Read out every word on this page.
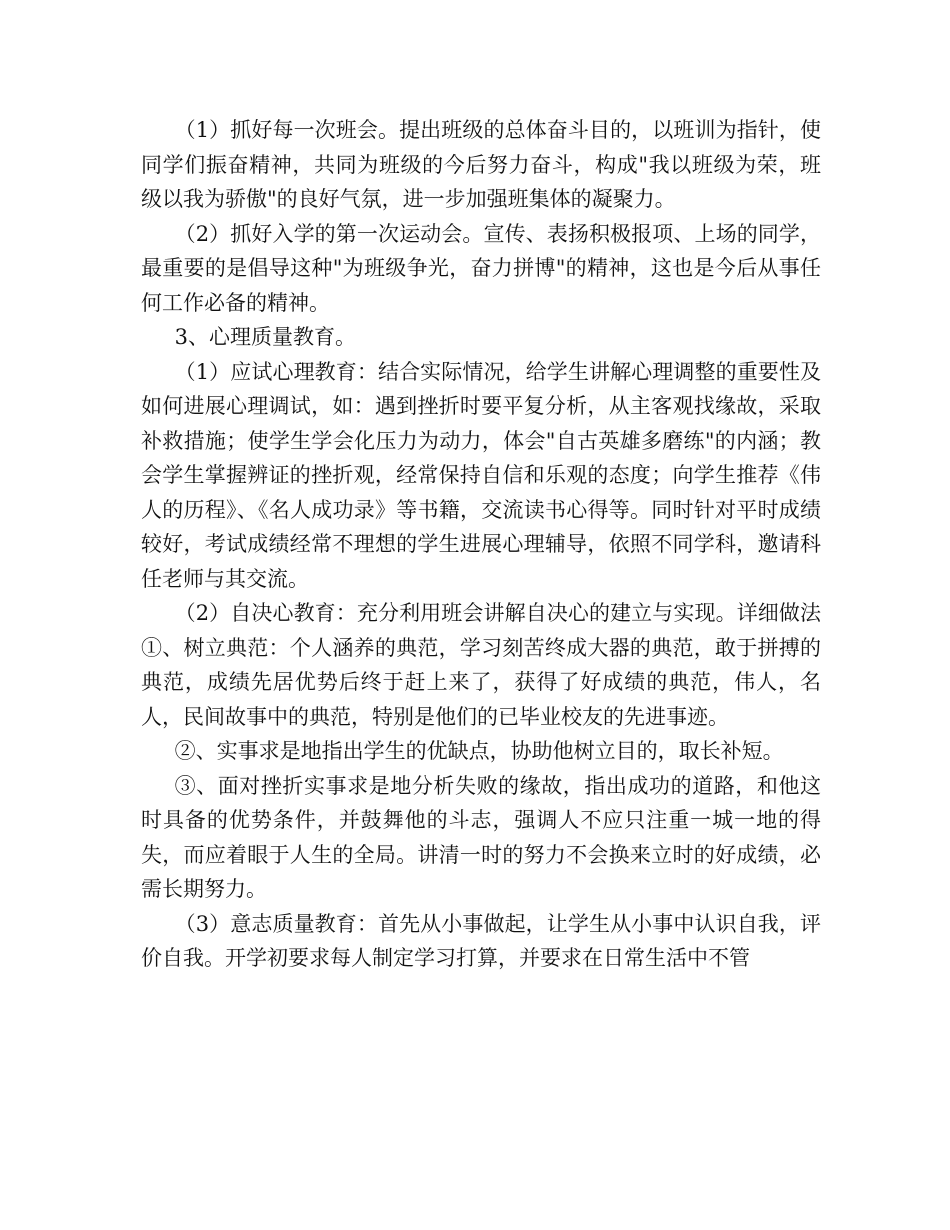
（1）抓好每一次班会。提出班级的总体奋斗目的，以班训为指针，使同学们振奋精神，共同为班级的今后努力奋斗，构成"我以班级为荣，班级以我为骄傲"的良好气氛，进一步加强班集体的凝聚力。

（2）抓好入学的第一次运动会。宣传、表扬积极报项、上场的同学，最重要的是倡导这种"为班级争光，奋力拼博"的精神，这也是今后从事任何工作必备的精神。

3、心理质量教育。

（1）应试心理教育：结合实际情况，给学生讲解心理调整的重要性及如何进展心理调试，如：遇到挫折时要平复分析，从主客观找缘故，采取补救措施；使学生学会化压力为动力，体会"自古英雄多磨练"的内涵；教会学生掌握辨证的挫折观，经常保持自信和乐观的态度；向学生推荐《伟人的历程》、《名人成功录》等书籍，交流读书心得等。同时针对平时成绩较好，考试成绩经常不理想的学生进展心理辅导，依照不同学科，邀请科任老师与其交流。

（2）自决心教育：充分利用班会讲解自决心的建立与实现。详细做法　　①、树立典范：个人涵养的典范，学习刻苦终成大器的典范，敢于拼搏的典范，成绩先居优势后终于赶上来了，获得了好成绩的典范，伟人，名人，民间故事中的典范，特别是他们的已毕业校友的先进事迹。

②、实事求是地指出学生的优缺点，协助他树立目的，取长补短。

③、面对挫折实事求是地分析失败的缘故，指出成功的道路，和他这时具备的优势条件，并鼓舞他的斗志，强调人不应只注重一城一地的得失，而应着眼于人生的全局。讲清一时的努力不会换来立时的好成绩，必需长期努力。

（3）意志质量教育：首先从小事做起，让学生从小事中认识自我，评价自我。开学初要求每人制定学习打算，并要求在日常生活中不管
